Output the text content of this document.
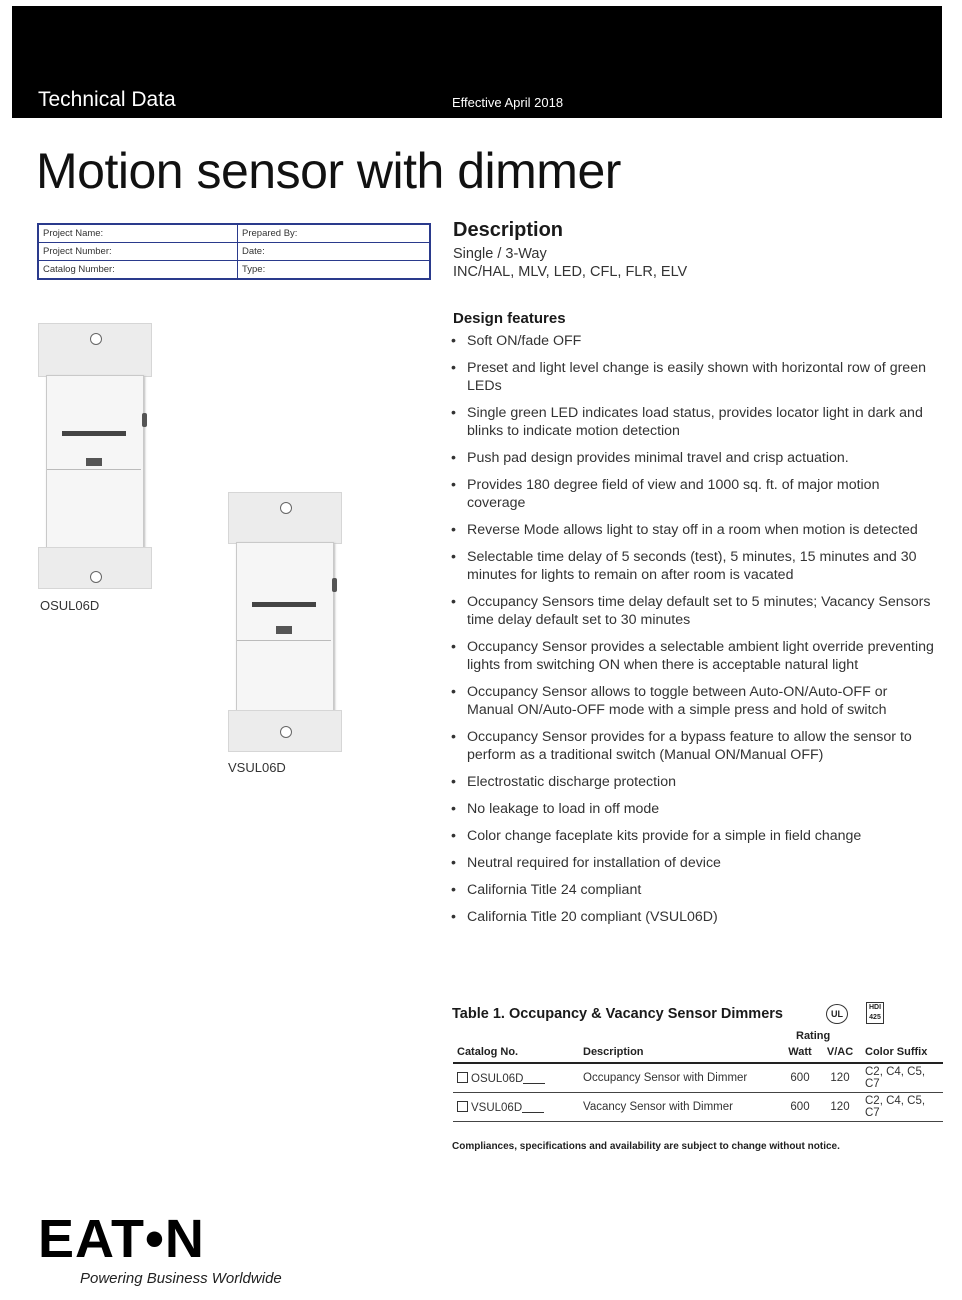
Technical Data	Effective April 2018
Motion sensor with dimmer
Project Name:	Prepared By:
Project Number:	Date:
Catalog Number:	Type:
Description
Single / 3-Way
INC/HAL, MLV, LED, CFL, FLR, ELV
Design features
• Soft ON/fade OFF
• Preset and light level change is easily shown with horizontal row of green LEDs
• Single green LED indicates load status, provides locator light in dark and blinks to indicate motion detection
• Push pad design provides minimal travel and crisp actuation.
• Provides 180 degree field of view and 1000 sq. ft. of major motion coverage
• Reverse Mode allows light to stay off in a room when motion is detected
• Selectable time delay of 5 seconds (test), 5 minutes, 15 minutes and 30 minutes for lights to remain on after room is vacated
• Occupancy Sensors time delay default set to 5 minutes; Vacancy Sensors time delay default set to 30 minutes
• Occupancy Sensor provides a selectable ambient light override preventing lights from switching ON when there is acceptable natural light
• Occupancy Sensor allows to toggle between Auto-ON/Auto-OFF or Manual ON/Auto-OFF mode with a simple press and hold of switch
• Occupancy Sensor provides for a bypass feature to allow the sensor to perform as a traditional switch (Manual ON/Manual OFF)
• Electrostatic discharge protection
• No leakage to load in off mode
• Color change faceplate kits provide for a simple in field change
• Neutral required for installation of device
• California Title 24 compliant
• California Title 20 compliant (VSUL06D)
OSUL06D
VSUL06D
Table 1. Occupancy & Vacancy Sensor Dimmers	UL
HDI 425
Rating
Catalog No.	Description	Watt	V/AC	Color Suffix
OSUL06D	Occupancy Sensor with Dimmer	600	120	C2, C4, C5, C7
VSUL06D	Vacancy Sensor with Dimmer	600	120	C2, C4, C5, C7
Compliances, specifications and availability are subject to change without notice.
EAT•N
Powering Business Worldwide
